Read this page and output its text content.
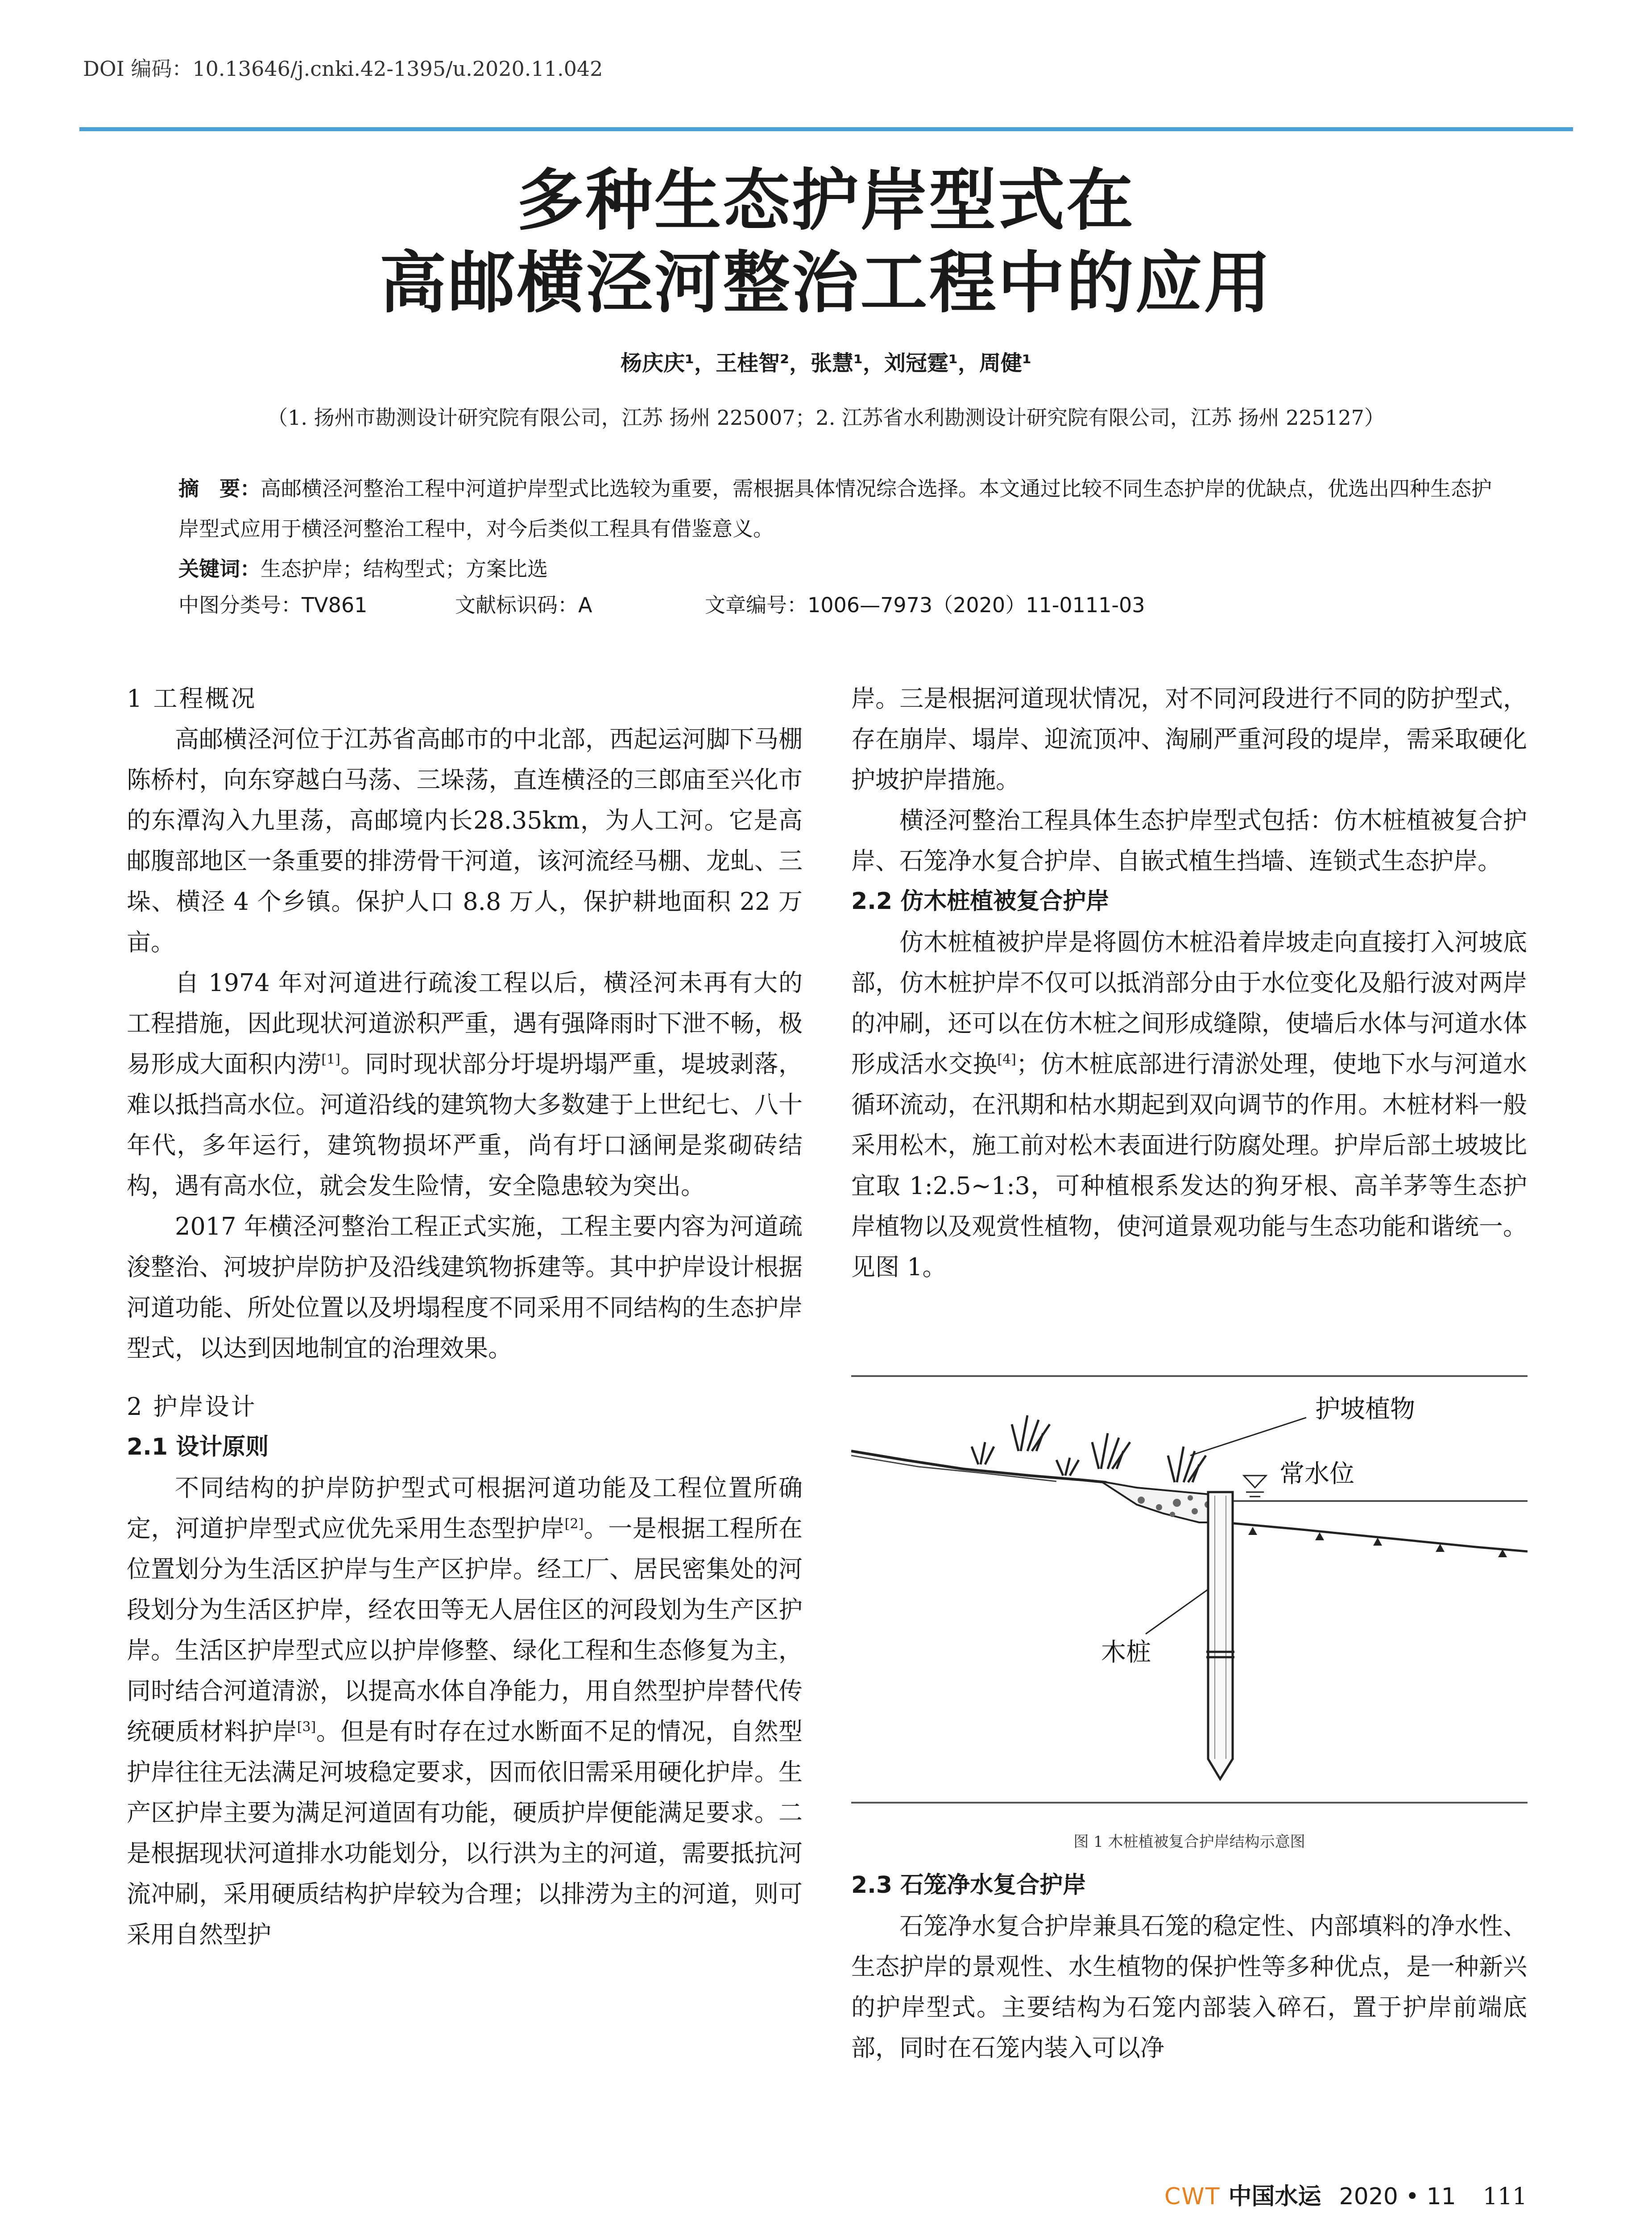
DOI 编码：10.13646/j.cnki.42-1395/u.2020.11.042
多种生态护岸型式在
高邮横泾河整治工程中的应用
杨庆庆¹，王桂智²，张慧¹，刘冠霆¹，周健¹
（1. 扬州市勘测设计研究院有限公司，江苏 扬州 225007；2. 江苏省水利勘测设计研究院有限公司，江苏 扬州 225127）
摘　要：高邮横泾河整治工程中河道护岸型式比选较为重要，需根据具体情况综合选择。本文通过比较不同生态护岸的优缺点，优选出四种生态护岸型式应用于横泾河整治工程中，对今后类似工程具有借鉴意义。
关键词：生态护岸；结构型式；方案比选
中图分类号：TV861	文献标识码：A	文章编号：1006—7973（2020）11-0111-03
1 工程概况

高邮横泾河位于江苏省高邮市的中北部，西起运河脚下马棚陈桥村，向东穿越白马荡、三垛荡，直连横泾的三郎庙至兴化市的东潭沟入九里荡，高邮境内长28.35km，为人工河。它是高邮腹部地区一条重要的排涝骨干河道，该河流经马棚、龙虬、三垛、横泾 4 个乡镇。保护人口 8.8 万人，保护耕地面积 22 万亩。

自 1974 年对河道进行疏浚工程以后，横泾河未再有大的工程措施，因此现状河道淤积严重，遇有强降雨时下泄不畅，极易形成大面积内涝[1]。同时现状部分圩堤坍塌严重，堤坡剥落，难以抵挡高水位。河道沿线的建筑物大多数建于上世纪七、八十年代，多年运行，建筑物损坏严重，尚有圩口涵闸是浆砌砖结构，遇有高水位，就会发生险情，安全隐患较为突出。

2017 年横泾河整治工程正式实施，工程主要内容为河道疏浚整治、河坡护岸防护及沿线建筑物拆建等。其中护岸设计根据河道功能、所处位置以及坍塌程度不同采用不同结构的生态护岸型式，以达到因地制宜的治理效果。

2 护岸设计
2.1 设计原则

不同结构的护岸防护型式可根据河道功能及工程位置所确定，河道护岸型式应优先采用生态型护岸[2]。一是根据工程所在位置划分为生活区护岸与生产区护岸。经工厂、居民密集处的河段划分为生活区护岸，经农田等无人居住区的河段划为生产区护岸。生活区护岸型式应以护岸修整、绿化工程和生态修复为主，同时结合河道清淤，以提高水体自净能力，用自然型护岸替代传统硬质材料护岸[3]。但是有时存在过水断面不足的情况，自然型护岸往往无法满足河坡稳定要求，因而依旧需采用硬化护岸。生产区护岸主要为满足河道固有功能，硬质护岸便能满足要求。二是根据现状河道排水功能划分，以行洪为主的河道，需要抵抗河流冲刷，采用硬质结构护岸较为合理；以排涝为主的河道，则可采用自然型护

岸。三是根据河道现状情况，对不同河段进行不同的防护型式，存在崩岸、塌岸、迎流顶冲、淘刷严重河段的堤岸，需采取硬化护坡护岸措施。

横泾河整治工程具体生态护岸型式包括：仿木桩植被复合护岸、石笼净水复合护岸、自嵌式植生挡墙、连锁式生态护岸。

2.2 仿木桩植被复合护岸

仿木桩植被护岸是将圆仿木桩沿着岸坡走向直接打入河坡底部，仿木桩护岸不仅可以抵消部分由于水位变化及船行波对两岸的冲刷，还可以在仿木桩之间形成缝隙，使墙后水体与河道水体形成活水交换[4]；仿木桩底部进行清淤处理，使地下水与河道水循环流动，在汛期和枯水期起到双向调节的作用。木桩材料一般采用松木，施工前对松木表面进行防腐处理。护岸后部土坡坡比宜取 1:2.5~1:3，可种植根系发达的狗牙根、高羊茅等生态护岸植物以及观赏性植物，使河道景观功能与生态功能和谐统一。见图 1。

护坡植物
常水位
木桩
图 1 木桩植被复合护岸结构示意图
2.3 石笼净水复合护岸

石笼净水复合护岸兼具石笼的稳定性、内部填料的净水性、生态护岸的景观性、水生植物的保护性等多种优点，是一种新兴的护岸型式。主要结构为石笼内部装入碎石，置于护岸前端底部，同时在石笼内装入可以净

CWT 中国水运 2020 • 11 111
